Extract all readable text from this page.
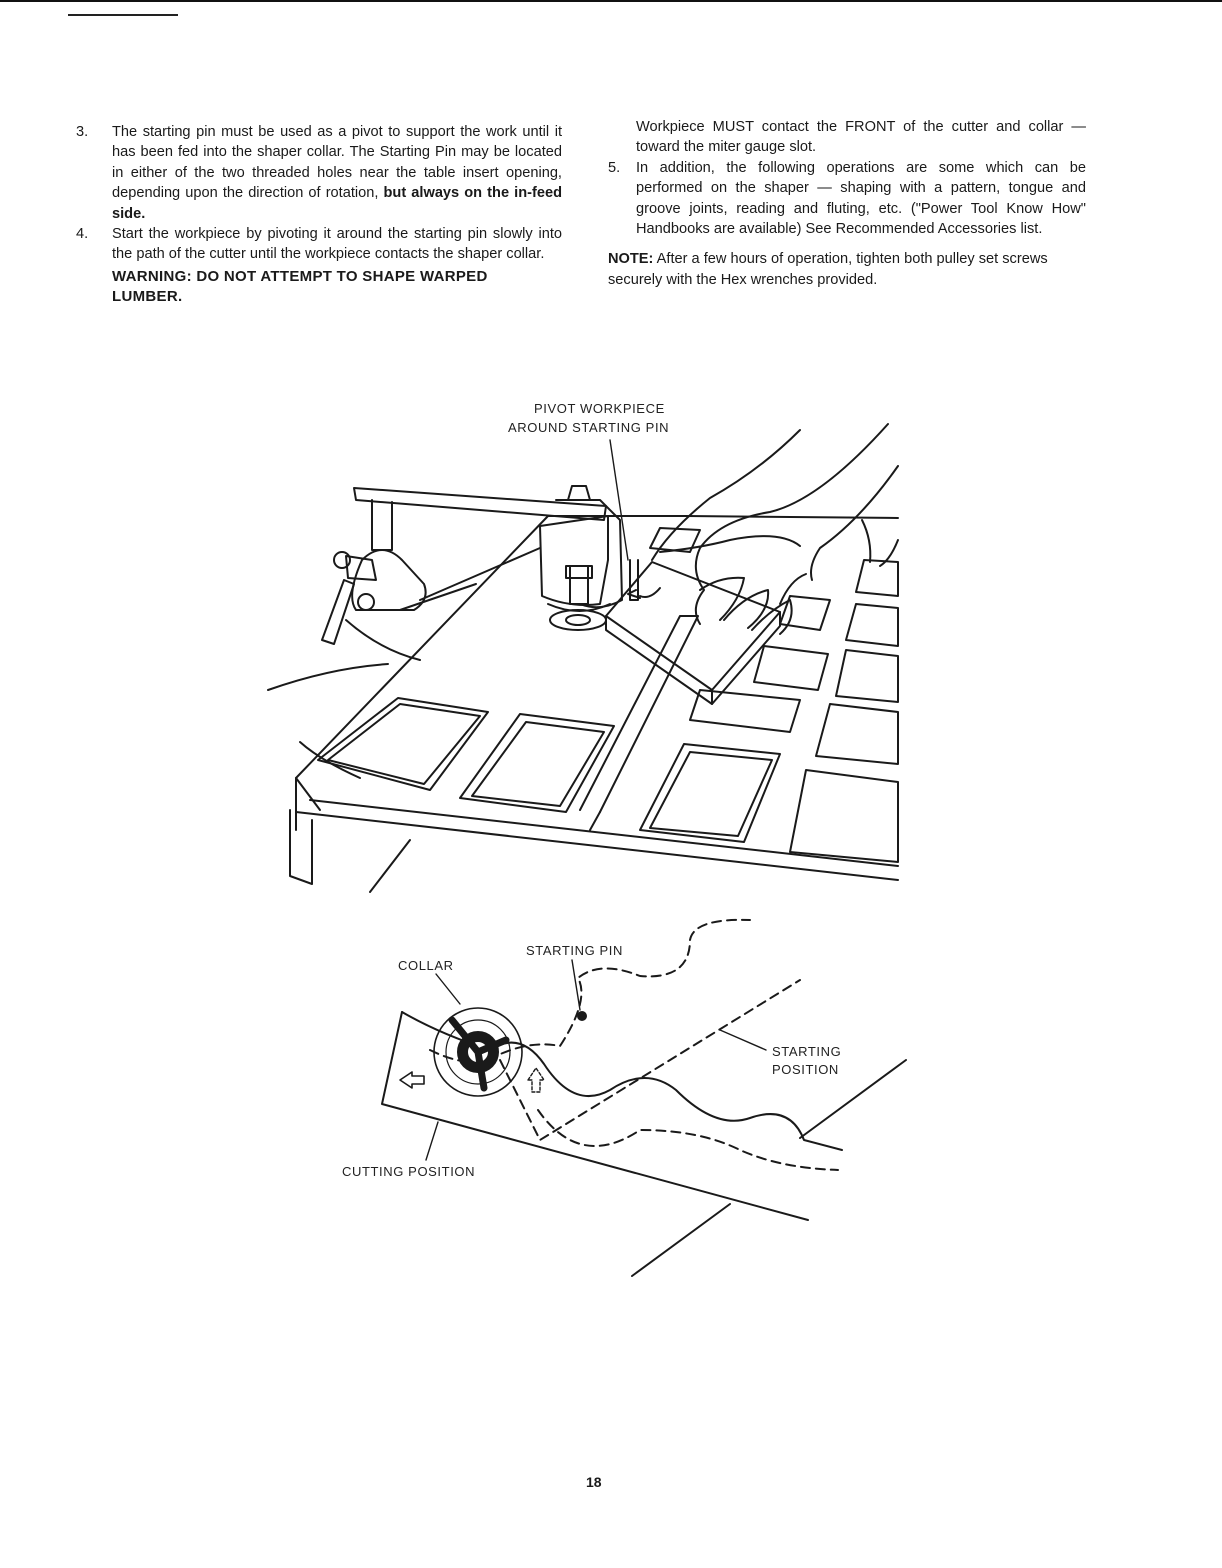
3. The starting pin must be used as a pivot to support the work until it has been fed into the shaper collar. The Starting Pin may be located in either of the two threaded holes near the table insert opening, depending upon the direction of rotation, but always on the in-feed side.
4. Start the workpiece by pivoting it around the starting pin slowly into the path of the cutter until the workpiece contacts the shaper collar.
WARNING: DO NOT ATTEMPT TO SHAPE WARPED LUMBER.
Workpiece MUST contact the FRONT of the cutter and collar — toward the miter gauge slot.
5. In addition, the following operations are some which can be performed on the shaper — shaping with a pattern, tongue and groove joints, reading and fluting, etc. ("Power Tool Know How" Handbooks are available) See Recommended Accessories list.
NOTE: After a few hours of operation, tighten both pulley set screws securely with the Hex wrenches provided.
PIVOT WORKPIECE
AROUND STARTING PIN
COLLAR
STARTING PIN
STARTING
POSITION
CUTTING POSITION
18
